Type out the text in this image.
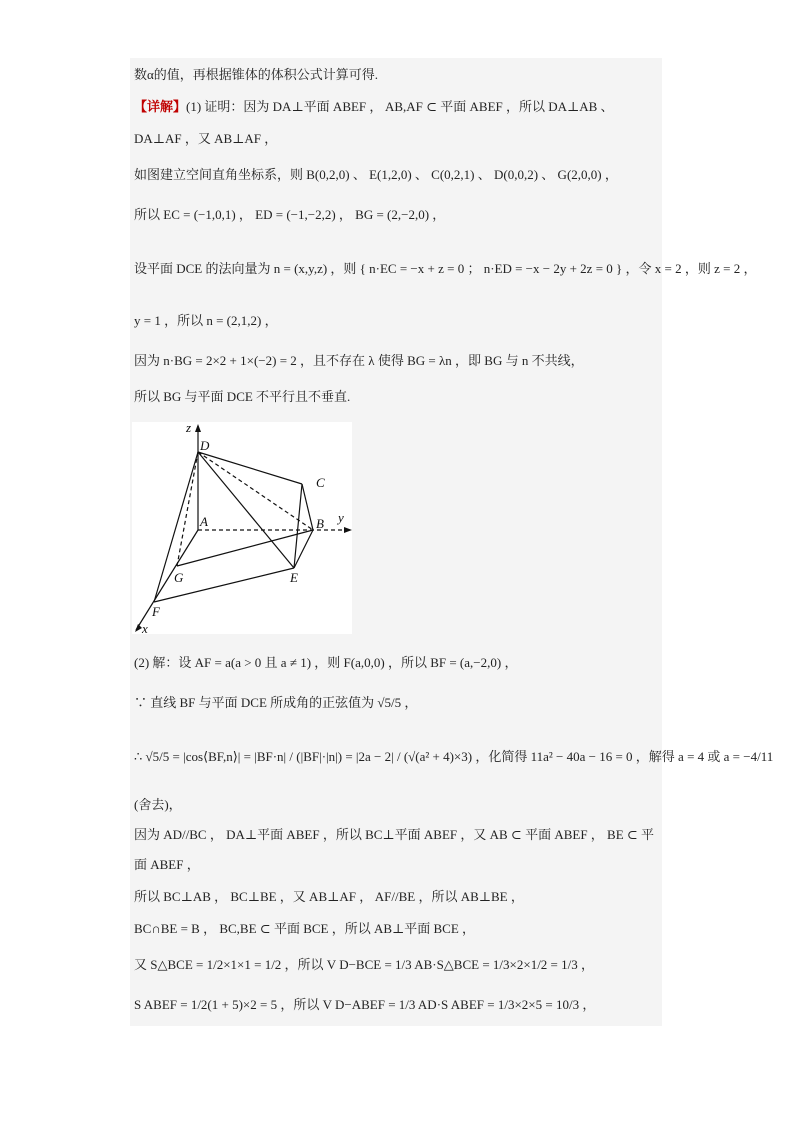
数α的值，再根据锥体的体积公式计算可得.
【详解】(1) 证明：因为 DA⊥平面 ABEF ， AB,AF ⊂ 平面 ABEF ，所以 DA⊥AB 、
DA⊥AF ，又 AB⊥AF ，
如图建立空间直角坐标系，则 B(0,2,0) 、 E(1,2,0) 、 C(0,2,1) 、 D(0,0,2) 、 G(2,0,0) ，
所以 EC = (−1,0,1) ， ED = (−1,−2,2) ， BG = (2,−2,0) ，
设平面 DCE 的法向量为 n = (x,y,z) ，则 { n·EC = −x + z = 0 ； n·ED = −x − 2y + 2z = 0 } ，令 x = 2 ，则 z = 2 ，
y = 1 ，所以 n = (2,1,2) ，
因为 n·BG = 2×2 + 1×(−2) = 2 ，且不存在 λ 使得 BG = λn ，即 BG 与 n 不共线，
所以 BG 与平面 DCE 不平行且不垂直.
z
D
C
y
A	B
G	E
F
x
(2) 解：设 AF = a(a > 0 且 a ≠ 1) ，则 F(a,0,0) ，所以 BF = (a,−2,0) ，
∵ 直线 BF 与平面 DCE 所成角的正弦值为 √5/5 ，
∴ √5/5 = |cos⟨BF,n⟩| = |BF·n| / (|BF|·|n|) = |2a − 2| / (√(a² + 4)×3) ，化简得 11a² − 40a − 16 = 0 ，解得 a = 4 或 a = −4/11
(舍去)，
因为 AD//BC ， DA⊥平面 ABEF ，所以 BC⊥平面 ABEF ，又 AB ⊂ 平面 ABEF ， BE ⊂ 平
面 ABEF ，
所以 BC⊥AB ， BC⊥BE ，又 AB⊥AF ， AF//BE ，所以 AB⊥BE ，
BC∩BE = B ， BC,BE ⊂ 平面 BCE ，所以 AB⊥平面 BCE ，
又 S△BCE = 1/2×1×1 = 1/2 ，所以 V D−BCE = 1/3 AB·S△BCE = 1/3×2×1/2 = 1/3 ，
S ABEF = 1/2(1 + 5)×2 = 5 ，所以 V D−ABEF = 1/3 AD·S ABEF = 1/3×2×5 = 10/3 ，
